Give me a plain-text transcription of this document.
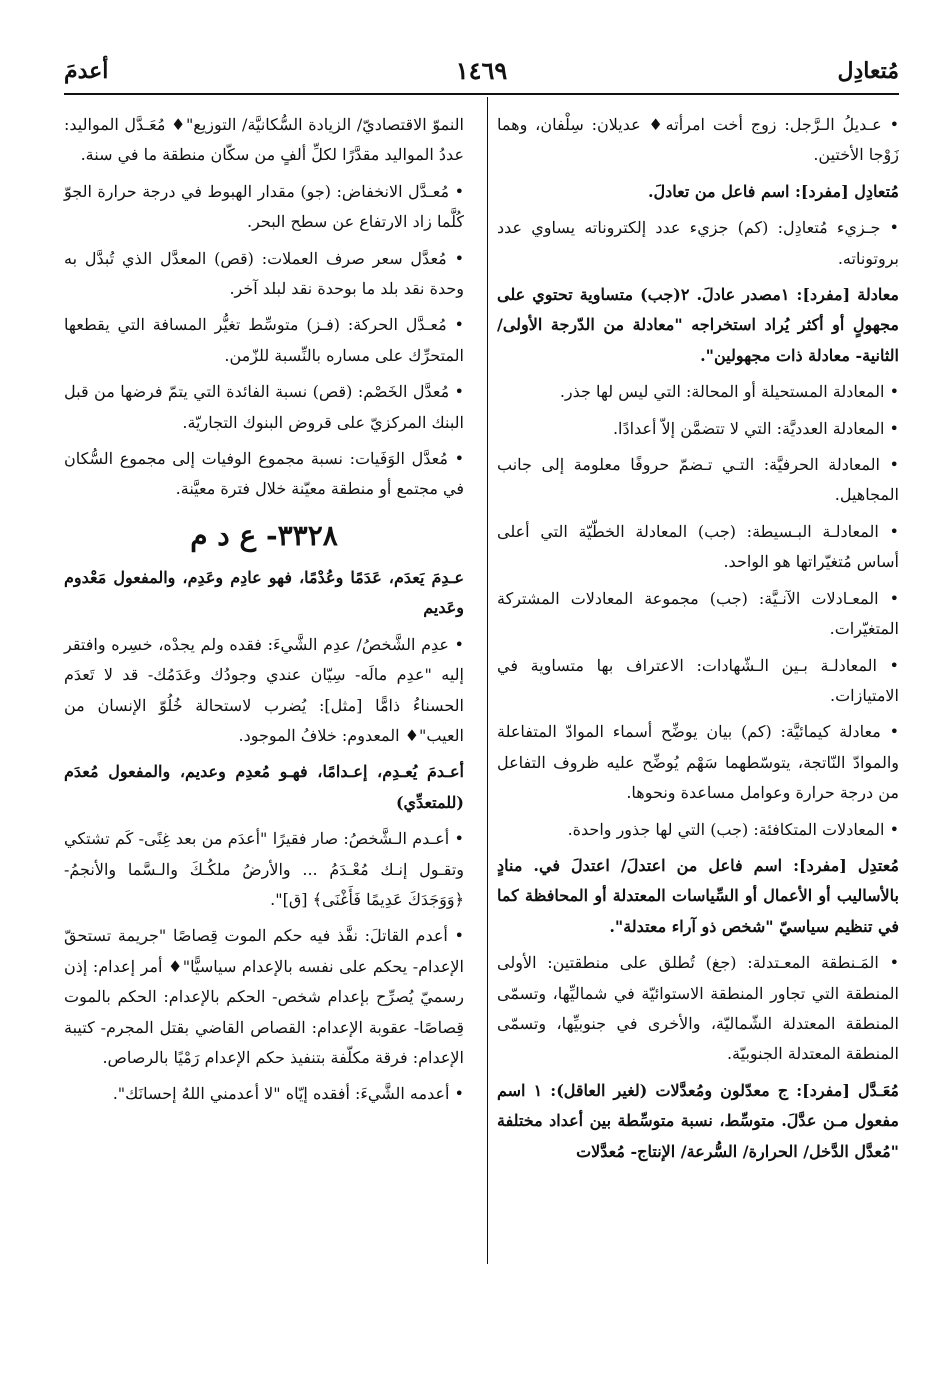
مُتعادِل
١٤٦٩
أعدمَ
• عـديلُ الـرَّجل: زوج أخت امرأته♦ عديلان: سِلْفان، وهما زَوْجا الأختين.
مُتعادِل [مفرد]: اسم فاعل من تعادلَ.
• جـزيء مُتعادِل: (كم) جزيء عدد إلكتروناته يساوي عدد بروتوناته.
معادلة [مفرد]: ١مصدر عادلَ. ٢(جب) متساوية تحتوي على مجهولٍ أو أكثر يُراد استخراجه "معادلة من الدّرجة الأولى/ الثانية- معادلة ذات مجهولين".
• المعادلة المستحيلة أو المحالة: التي ليس لها جذر.
• المعادلة العدديَّة: التي لا تتضمَّن إلاّ أعدادًا.
• المعادلة الحرفيَّة: التـي تـضمّ حروفًا معلومة إلى جانب المجاهيل.
• المعادلـة البـسيطة: (جب) المعادلة الخطّيّة التي أعلى أساس مُتغيّراتها هو الواحد.
• المعـادلات الآنـيَّة: (جب) مجموعة المعادلات المشتركة المتغيّرات.
• المعادلـة بـين الـشّهادات: الاعتراف بها متساوية في الامتيازات.
• معادلة كيمائيَّة: (كم) بيان يوضِّح أسماء الموادّ المتفاعلة والموادّ النّاتجة، يتوسّطهما سَهْم يُوضِّح عليه ظروف التفاعل من درجة حرارة وعوامل مساعدة ونحوها.
• المعادلات المتكافئة: (جب) التي لها جذور واحدة.
مُعتدِل [مفرد]: اسم فاعل من اعتدلَ/ اعتدلَ في. منادٍ بالأساليب أو الأعمال أو السِّياسات المعتدلة أو المحافظة كما في تنظيم سياسيّ "شخص ذو آراء معتدلة".
• المَـنطقة المعـتدلة: (جغ) تُطلق على منطقتين: الأولى المنطقة التي تجاور المنطقة الاستوائيّة في شماليِّها، وتسمّى المنطقة المعتدلة الشّماليّة، والأخرى في جنوبيِّها، وتسمّى المنطقة المعتدلة الجنوبيّة.
مُعَـدَّل [مفرد]: ج معدّلون ومُعدَّلات (لغير العاقل): ١ اسم مفعول مـن عدَّلَ. متوسِّط، نسبة متوسِّطة بين أعداد مختلفة "مُعدَّل الدَّخل/ الحرارة/ السُّرعة/ الإنتاج- مُعدَّلات
النموّ الاقتصاديّ/ الزيادة السُّكانيَّة/ التوزيع"♦ مُعَـدَّل المواليد: عددُ المواليد مقدَّرًا لكلِّ ألفٍ من سكّان منطقة ما في سنة.
• مُعـدَّل الانخفاض: (جو) مقدار الهبوط في درجة حرارة الجوّ كُلَّما زاد الارتفاع عن سطح البحر.
• مُعدَّل سعر صرف العملات: (قص) المعدَّل الذي تُبدَّل به وحدة نقد بلد ما بوحدة نقد لبلد آخر.
• مُعـدَّل الحركة: (فـز) متوسِّط تغيُّر المسافة التي يقطعها المتحرِّك على مساره بالنِّسبة للزّمن.
• مُعدَّل الخَصْم: (قص) نسبة الفائدة التي يتمّ فرضها من قبل البنك المركزيّ على قروض البنوك التجاريّة.
• مُعدَّل الوَفَيات: نسبة مجموع الوفيات إلى مجموع السُّكان في مجتمع أو منطقة معيّنة خلال فترة معيَّنة.
٣٣٢٨- ع د م
عـدِمَ يَعدَم، عَدَمًا وعُدْمًا، فهو عادِم وعَدِم، والمفعول مَعْدوم وعَديم
• عدِم الشَّخصُ/ عدِم الشَّيءَ: فقده ولم يجدْه، خسِره وافتقر إليه "عدِم مالَه- سِيّان عندي وجودُك وعَدَمُك- قد لا تَعدَم الحسناءُ ذامًّا [مثل]: يُضرب لاستحالة خُلُوّ الإنسان من العيب"♦ المعدوم: خلافُ الموجود.
أعـدمَ يُعـدِم، إعـدامًا، فهـو مُعدِم وعديم، والمفعول مُعدَم (للمتعدِّي)
• أعـدم الـشَّخصُ: صار فقيرًا "أعدَم من بعد غِنًى- كَم تشتكي وتقـول إنـك مُعْـدَمُ ... والأرضُ ملكُـكَ والـسَّما والأنجمُ- ﴿وَوَجَدَكَ عَدِيمًا فَأَغْنَى﴾ [ق]".
• أعدم القاتلَ: نفَّذ فيه حكم الموت قِصاصًا "جريمة تستحقّ الإعدام- يحكم على نفسه بالإعدام سياسيًّا"♦ أمر إعدام: إذن رسميّ يُصرِّح بإعدام شخص- الحكم بالإعدام: الحكم بالموت قِصاصًا- عقوبة الإعدام: القصاص القاضي بقتل المجرم- كتيبة الإعدام: فرقة مكلّفة بتنفيذ حكم الإعدام رَمْيًا بالرصاص.
• أعدمه الشَّيءَ: أفقده إيّاه "لا أعدمني اللهُ إحسانَك".
